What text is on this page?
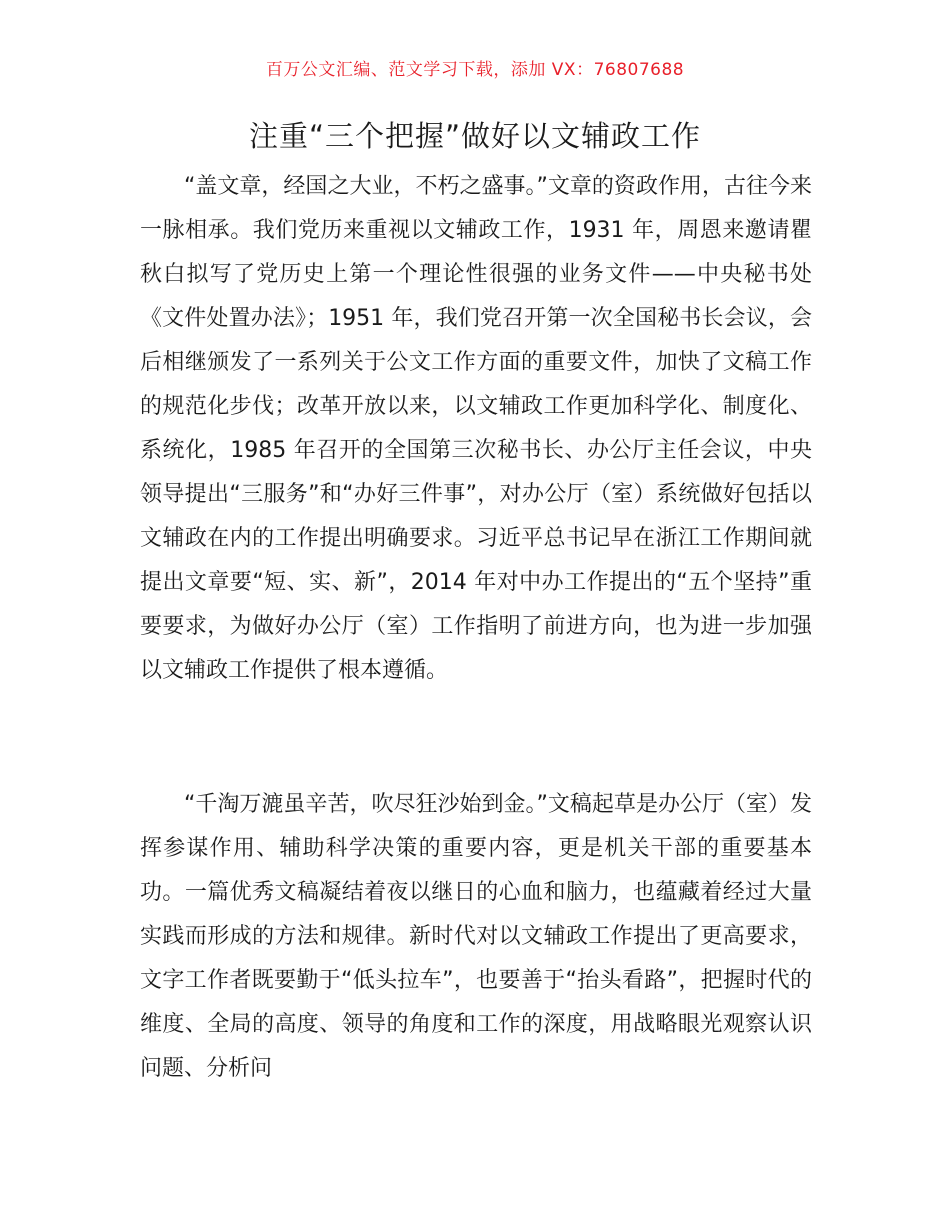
百万公文汇编、范文学习下载，添加 VX：76807688
注重“三个把握”做好以文辅政工作

“盖文章，经国之大业，不朽之盛事。”文章的资政作用，古往今来一脉相承。我们党历来重视以文辅政工作，1931 年，周恩来邀请瞿秋白拟写了党历史上第一个理论性很强的业务文件——中央秘书处《文件处置办法》；1951 年，我们党召开第一次全国秘书长会议，会后相继颁发了一系列关于公文工作方面的重要文件，加快了文稿工作的规范化步伐；改革开放以来，以文辅政工作更加科学化、制度化、系统化，1985 年召开的全国第三次秘书长、办公厅主任会议，中央领导提出“三服务”和“办好三件事”，对办公厅（室）系统做好包括以文辅政在内的工作提出明确要求。习近平总书记早在浙江工作期间就提出文章要“短、实、新”，2014 年对中办工作提出的“五个坚持”重要要求，为做好办公厅（室）工作指明了前进方向，也为进一步加强以文辅政工作提供了根本遵循。

“千淘万漉虽辛苦，吹尽狂沙始到金。”文稿起草是办公厅（室）发挥参谋作用、辅助科学决策的重要内容，更是机关干部的重要基本功。一篇优秀文稿凝结着夜以继日的心血和脑力，也蕴藏着经过大量实践而形成的方法和规律。新时代对以文辅政工作提出了更高要求，文字工作者既要勤于“低头拉车”，也要善于“抬头看路”，把握时代的维度、全局的高度、领导的角度和工作的深度，用战略眼光观察认识问题、分析问
